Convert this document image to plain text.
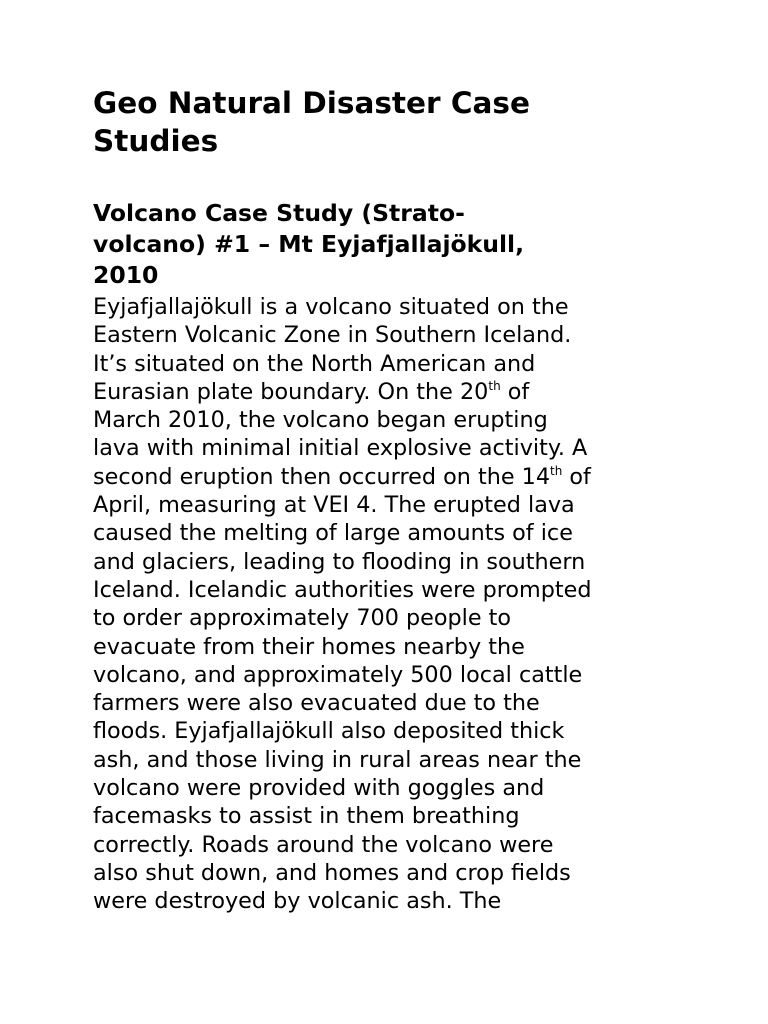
Geo Natural Disaster Case
Studies
Volcano Case Study (Strato-
volcano) #1 – Mt Eyjafjallajökull,
2010

Eyjafjallajökull is a volcano situated on the
Eastern Volcanic Zone in Southern Iceland.
It’s situated on the North American and
Eurasian plate boundary. On the 20th of
March 2010, the volcano began erupting
lava with minimal initial explosive activity. A
second eruption then occurred on the 14th of
April, measuring at VEI 4. The erupted lava
caused the melting of large amounts of ice
and glaciers, leading to flooding in southern
Iceland. Icelandic authorities were prompted
to order approximately 700 people to
evacuate from their homes nearby the
volcano, and approximately 500 local cattle
farmers were also evacuated due to the
floods. Eyjafjallajökull also deposited thick
ash, and those living in rural areas near the
volcano were provided with goggles and
facemasks to assist in them breathing
correctly. Roads around the volcano were
also shut down, and homes and crop fields
were destroyed by volcanic ash. The
